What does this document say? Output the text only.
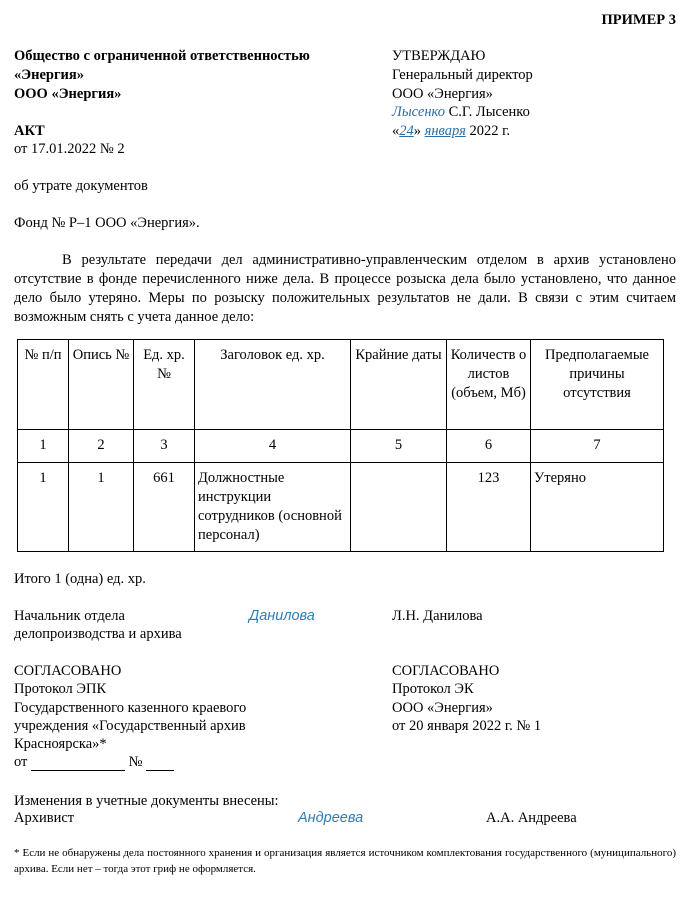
ПРИМЕР 3
Общество с ограниченной ответственностью
«Энергия»
ООО «Энергия»
УТВЕРЖДАЮ
Генеральный директор
ООО «Энергия»
Лысенко С.Г. Лысенко
«24» января 2022 г.
АКТ
от 17.01.2022 № 2
об утрате документов
Фонд № Р–1 ООО «Энергия».
В результате передачи дел административно-управленческим отделом в архив установлено отсутствие в фонде перечисленного ниже дела. В процессе розыска дела было установлено, что данное дело было утеряно. Меры по розыску положительных результатов не дали. В связи с этим считаем возможным снять с учета данное дело:
№ п/п	Опись №	Ед. хр. №	Заголовок ед. хр.	Крайние даты	Количеств о листов (объем, Мб)	Предполагаемые причины отсутствия
1	2	3	4	5	6	7
1	1	661	Должностные инструкции сотрудников (основной персонал)		123	Утеряно
Итого 1 (одна) ед. хр.
Начальник отдела
делопроизводства и архива
Данилова	Л.Н. Данилова
СОГЛАСОВАНО
Протокол ЭПК
Государственного казенного краевого
учреждения «Государственный архив
Красноярска»*
от	№
СОГЛАСОВАНО
Протокол ЭК
ООО «Энергия»
от 20 января 2022 г. № 1
Изменения в учетные документы внесены:
Архивист	Андреева	А.А. Андреева
* Если не обнаружены дела постоянного хранения и организация является источником комплектования государственного (муниципального) архива. Если нет – тогда этот гриф не оформляется.
